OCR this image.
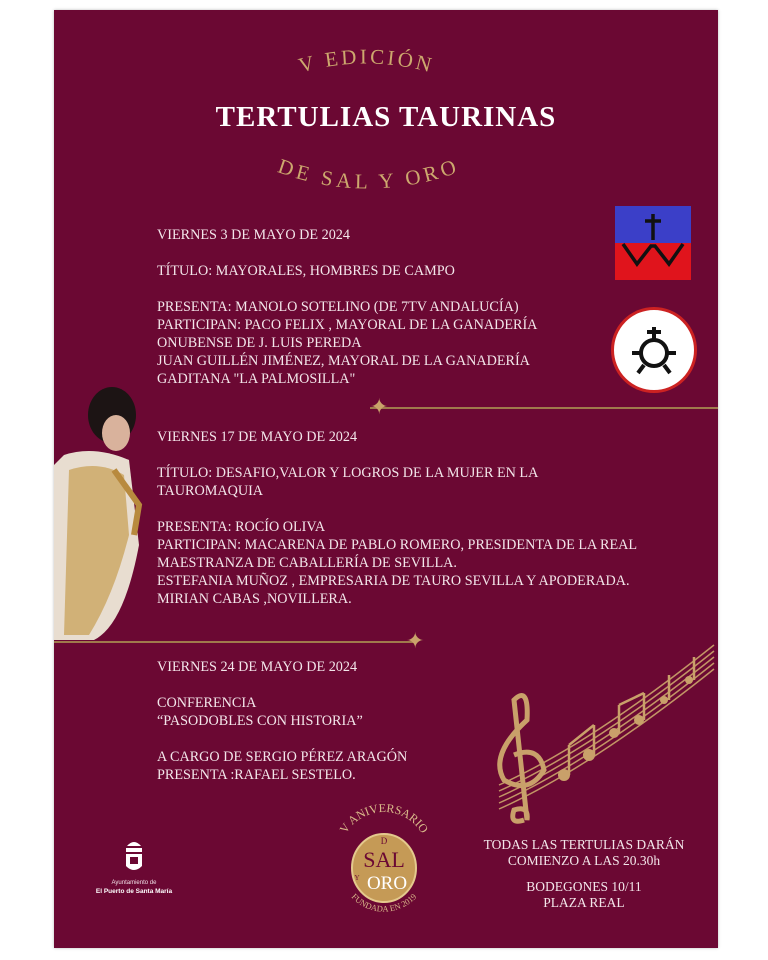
V EDICIÓN
DE SAL Y ORO
TERTULIAS TAURINAS

VIERNES 3 DE MAYO DE 2024

TÍTULO: MAYORALES, HOMBRES DE CAMPO

PRESENTA: MANOLO SOTELINO (DE 7TV ANDALUCÍA)

PARTICIPAN: PACO FELIX , MAYORAL DE LA GANADERÍA

ONUBENSE DE J. LUIS PEREDA

JUAN GUILLÉN JIMÉNEZ, MAYORAL DE LA GANADERÍA

GADITANA "LA PALMOSILLA"

✦

VIERNES 17 DE MAYO DE 2024

TÍTULO: DESAFIO,VALOR Y LOGROS DE LA MUJER EN LA

TAUROMAQUIA

PRESENTA: ROCÍO OLIVA

PARTICIPAN: MACARENA DE PABLO ROMERO, PRESIDENTA DE LA REAL

MAESTRANZA DE CABALLERÍA DE SEVILLA.

ESTEFANIA MUÑOZ , EMPRESARIA DE TAURO SEVILLA Y APODERADA.

MIRIAN CABAS ,NOVILLERA.

✦

VIERNES 24 DE MAYO DE 2024

CONFERENCIA

“PASODOBLES CON HISTORIA”

A CARGO DE SERGIO PÉREZ ARAGÓN

PRESENTA :RAFAEL SESTELO.

Ayuntamiento de
El Puerto de Santa María
V ANIVERSARIO
FUNDADA EN 2019
D
SAL
Y ORO
TODAS LAS TERTULIAS DARÁN
COMIENZO A LAS 20.30h
BODEGONES 10/11
PLAZA REAL
